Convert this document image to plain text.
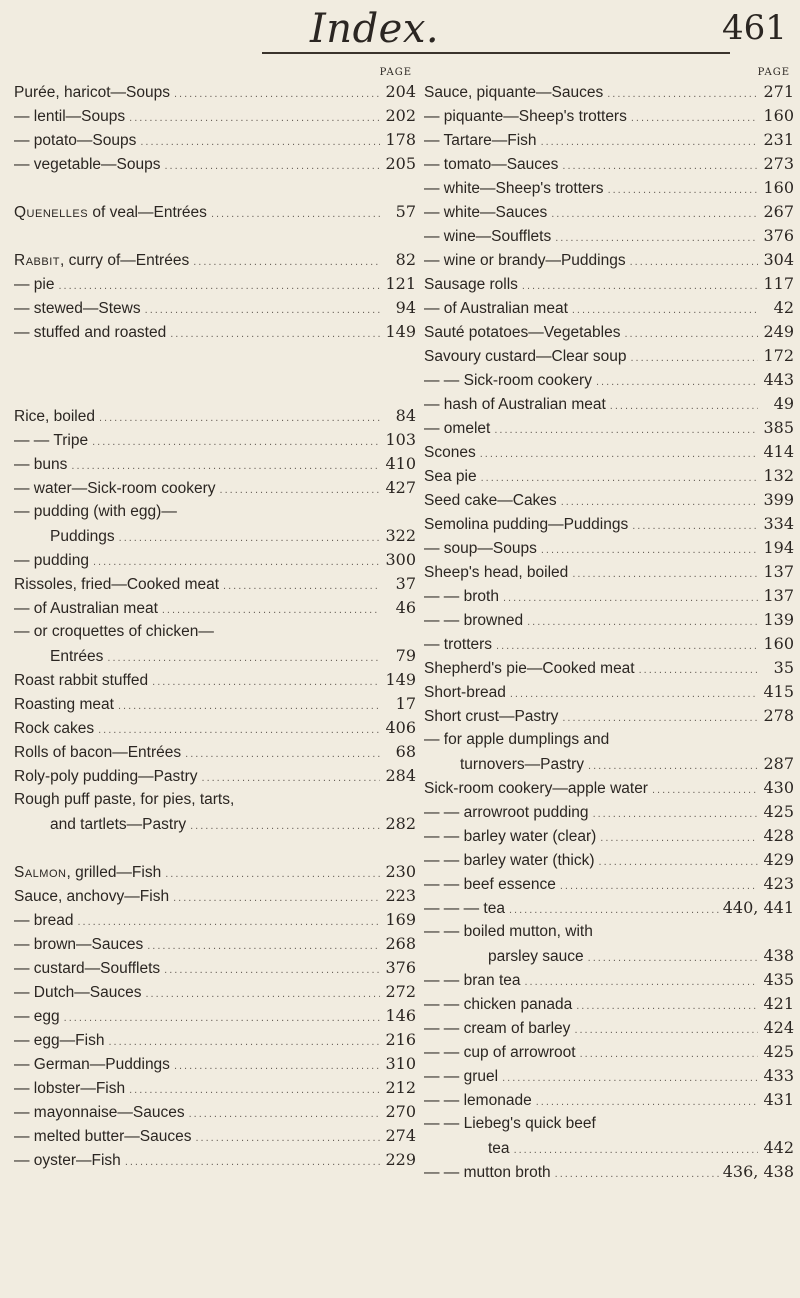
Index.	461
PAGE
Purée, haricot—Soups .....	204
— lentil—Soups .....	202
— potato—Soups .....	178
— vegetable—Soups .....	205
Quenelles of veal—Entrées .....	57
Rabbit, curry of—Entrées .....	82
— pie .....	121
— stewed—Stews .....	94
— stuffed and roasted .....	149
Rice, boiled .....	84
— — Tripe .....	103
— buns .....	410
— water—Sick-room cookery .....	427
— pudding (with egg)—
Puddings .....	322
— pudding .....	300
Rissoles, fried—Cooked meat .....	37
— of Australian meat .....	46
— or croquettes of chicken—
Entrées .....	79
Roast rabbit stuffed .....	149
Roasting meat .....	17
Rock cakes .....	406
Rolls of bacon—Entrées .....	68
Roly-poly pudding—Pastry .....	284
Rough puff paste, for pies, tarts,
and tartlets—Pastry .....	282
Salmon, grilled—Fish .....	230
Sauce, anchovy—Fish .....	223
— bread .....	169
— brown—Sauces .....	268
— custard—Soufflets .....	376
— Dutch—Sauces .....	272
— egg .....	146
— egg—Fish .....	216
— German—Puddings .....	310
— lobster—Fish .....	212
— mayonnaise—Sauces .....	270
— melted butter—Sauces .....	274
— oyster—Fish .....	229
PAGE
Sauce, piquante—Sauces .....	271
— piquante—Sheep's trotters .....	160
— Tartare—Fish .....	231
— tomato—Sauces .....	273
— white—Sheep's trotters .....	160
— white—Sauces .....	267
— wine—Soufflets .....	376
— wine or brandy—Puddings .....	304
Sausage rolls .....	117
— of Australian meat .....	42
Sauté potatoes—Vegetables .....	249
Savoury custard—Clear soup .....	172
— — Sick-room cookery .....	443
— hash of Australian meat .....	49
— omelet .....	385
Scones .....	414
Sea pie .....	132
Seed cake—Cakes .....	399
Semolina pudding—Puddings .....	334
— soup—Soups .....	194
Sheep's head, boiled .....	137
— — broth .....	137
— — browned .....	139
— trotters .....	160
Shepherd's pie—Cooked meat .....	35
Short-bread .....	415
Short crust—Pastry .....	278
— for apple dumplings and
turnovers—Pastry .....	287
Sick-room cookery—apple water .....	430
— — arrowroot pudding .....	425
— — barley water (clear) .....	428
— — barley water (thick) .....	429
— — beef essence .....	423
— — — tea .....	440, 441
— — boiled mutton, with
parsley sauce .....	438
— — bran tea .....	435
— — chicken panada .....	421
— — cream of barley .....	424
— — cup of arrowroot .....	425
— — gruel .....	433
— — lemonade .....	431
— — Liebeg's quick beef
tea .....	442
— — mutton broth .....	436, 438
